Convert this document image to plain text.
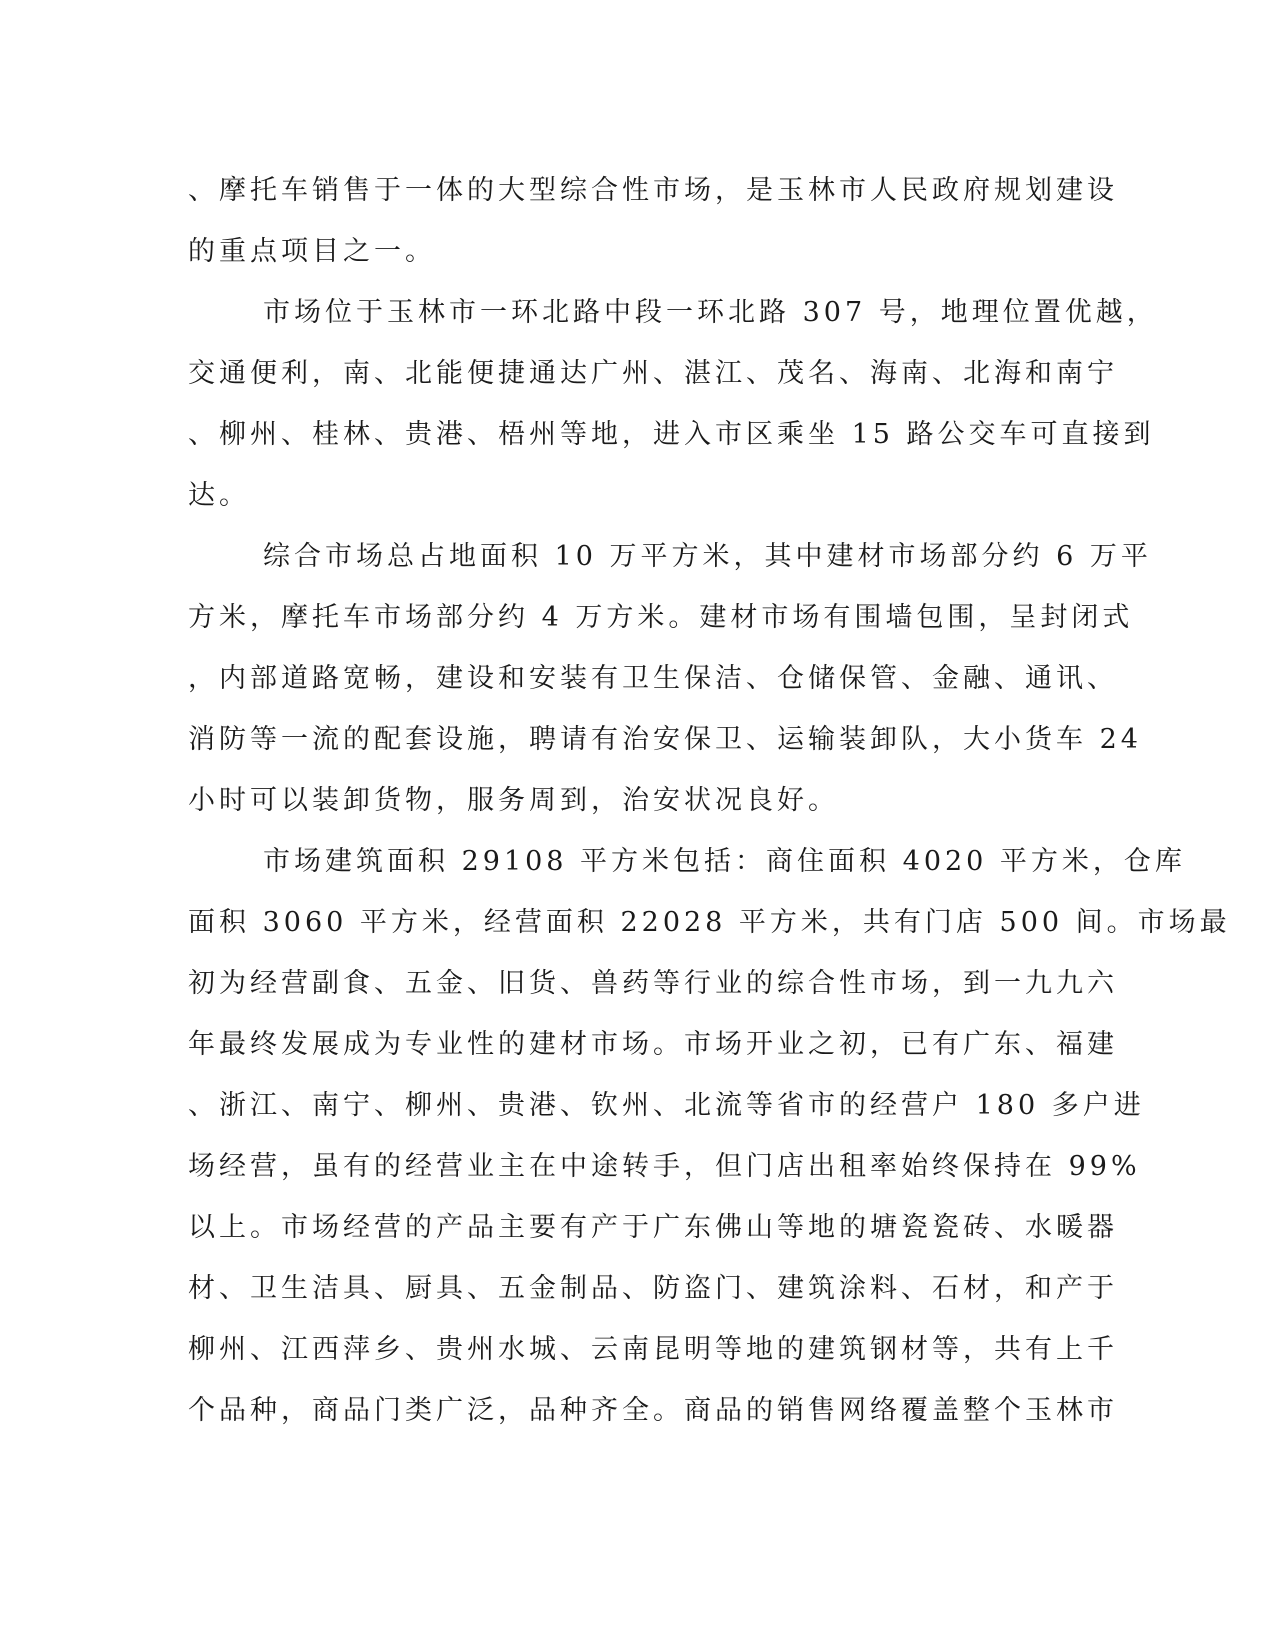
、摩托车销售于一体的大型综合性市场，是玉林市人民政府规划建设
的重点项目之一。
市场位于玉林市一环北路中段一环北路 307 号，地理位置优越，
交通便利，南、北能便捷通达广州、湛江、茂名、海南、北海和南宁
、柳州、桂林、贵港、梧州等地，进入市区乘坐 15 路公交车可直接到
达。
综合市场总占地面积 10 万平方米，其中建材市场部分约 6 万平
方米，摩托车市场部分约 4 万方米。建材市场有围墙包围，呈封闭式
，内部道路宽畅，建设和安装有卫生保洁、仓储保管、金融、通讯、
消防等一流的配套设施，聘请有治安保卫、运输装卸队，大小货车 24
小时可以装卸货物，服务周到，治安状况良好。
市场建筑面积 29108 平方米包括：商住面积 4020 平方米，仓库
面积 3060 平方米，经营面积 22028 平方米，共有门店 500 间。市场最
初为经营副食、五金、旧货、兽药等行业的综合性市场，到一九九六
年最终发展成为专业性的建材市场。市场开业之初，已有广东、福建
、浙江、南宁、柳州、贵港、钦州、北流等省市的经营户 180 多户进
场经营，虽有的经营业主在中途转手，但门店出租率始终保持在 99%
以上。市场经营的产品主要有产于广东佛山等地的塘瓷瓷砖、水暖器
材、卫生洁具、厨具、五金制品、防盗门、建筑涂料、石材，和产于
柳州、江西萍乡、贵州水城、云南昆明等地的建筑钢材等，共有上千
个品种，商品门类广泛，品种齐全。商品的销售网络覆盖整个玉林市
